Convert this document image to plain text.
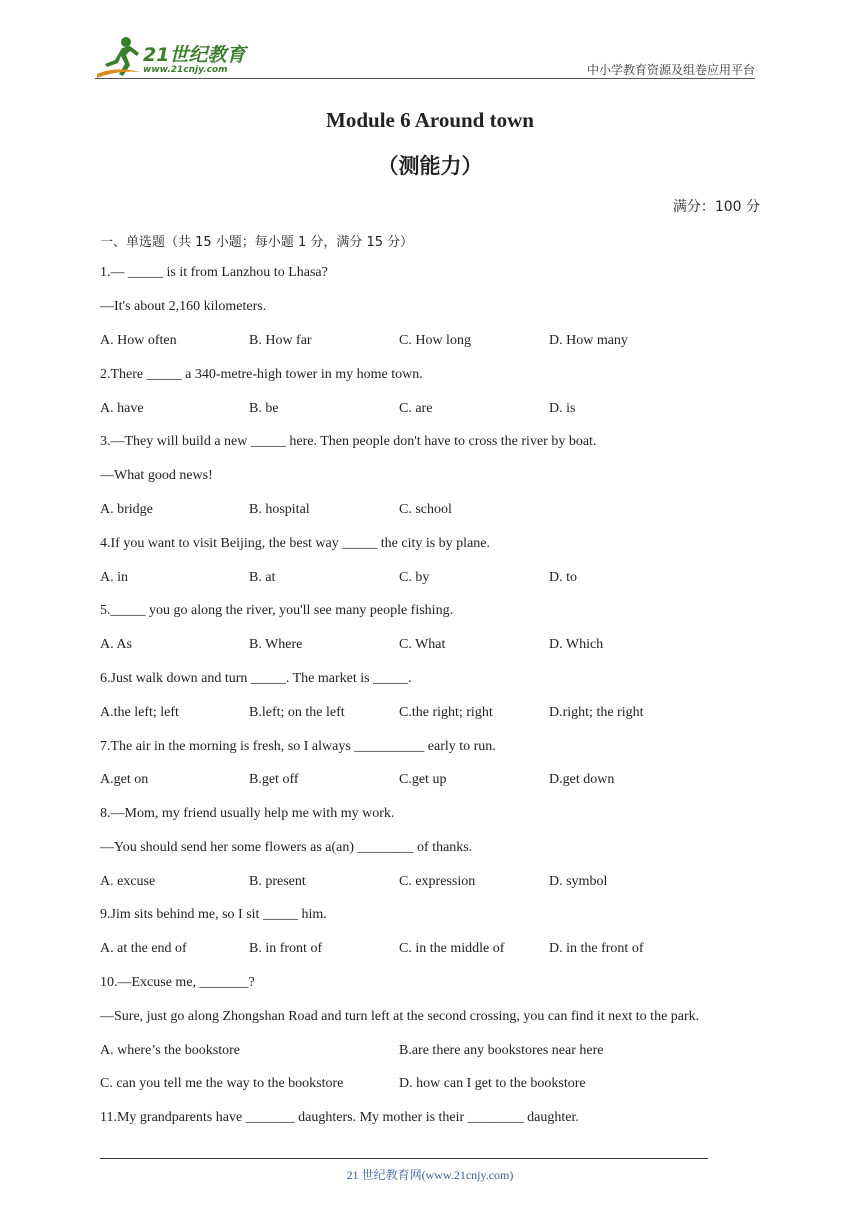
21世纪教育
www.21cnjy.com	中小学教育资源及组卷应用平台
Module 6 Around town
（测能力）
满分：100 分
一、单选题（共 15 小题；每小题 1 分，满分 15 分）
1.— _____ is it from Lanzhou to Lhasa?
—It's about 2,160 kilometers.
A. How often	B. How far	C. How long	D. How many
2.There _____ a 340-metre-high tower in my home town.
A. have	B. be	C. are	D. is
3.—They will build a new _____ here. Then people don't have to cross the river by boat.
—What good news!
A. bridge	B. hospital	C. school
4.If you want to visit Beijing, the best way _____ the city is by plane.
A. in	B. at	C. by	D. to
5._____ you go along the river, you'll see many people fishing.
A. As	B. Where	C. What	D. Which
6.Just walk down and turn _____. The market is _____.
A.the left; left	B.left; on the left	C.the right; right	D.right; the right
7.The air in the morning is fresh, so I always __________ early to run.
A.get on	B.get off	C.get up	D.get down
8.—Mom, my friend usually help me with my work.
—You should send her some flowers as a(an) ________ of thanks.
A. excuse	B. present	C. expression	D. symbol
9.Jim sits behind me, so I sit _____ him.
A. at the end of	B. in front of	C. in the middle of	D. in the front of
10.—Excuse me, _______?
—Sure, just go along Zhongshan Road and turn left at the second crossing, you can find it next to the park.
A. where’s the bookstore	B.are there any bookstores near here
C. can you tell me the way to the bookstore	D. how can I get to the bookstore
11.My grandparents have _______ daughters. My mother is their ________ daughter.
21 世纪教育网(www.21cnjy.com)
